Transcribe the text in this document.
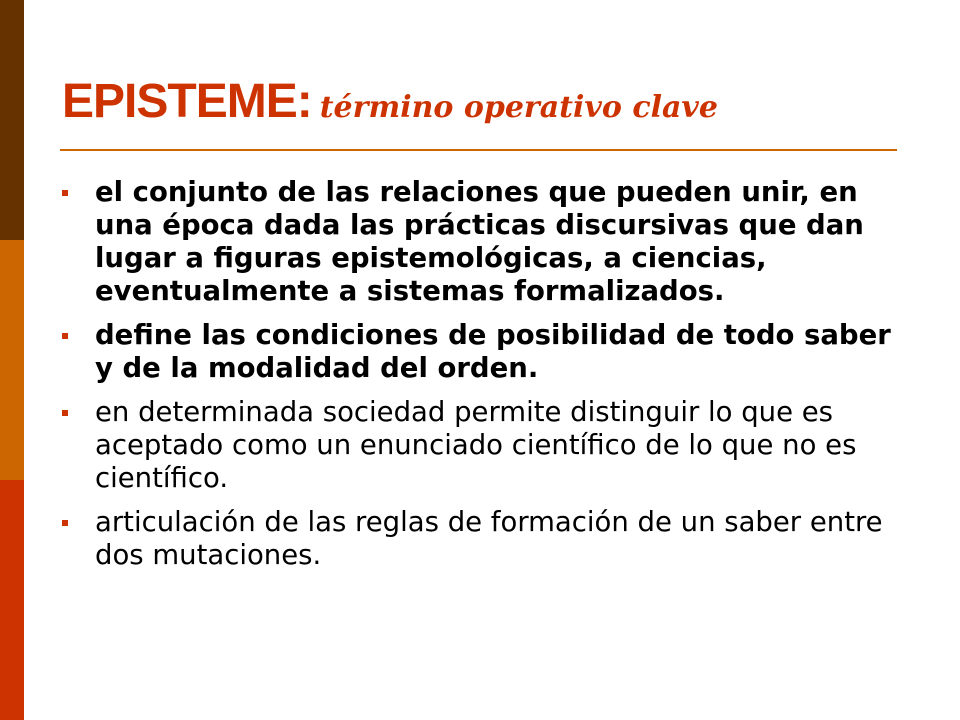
EPISTEME: término operativo clave
el conjunto de las relaciones que pueden unir, en una época dada las prácticas discursivas que dan lugar a figuras epistemológicas, a ciencias, eventualmente a sistemas formalizados.
define las condiciones de posibilidad de todo saber y de la modalidad del orden.
en determinada sociedad permite distinguir lo que es aceptado como un enunciado científico de lo que no es científico.
articulación de las reglas de formación de un saber entre dos mutaciones.
